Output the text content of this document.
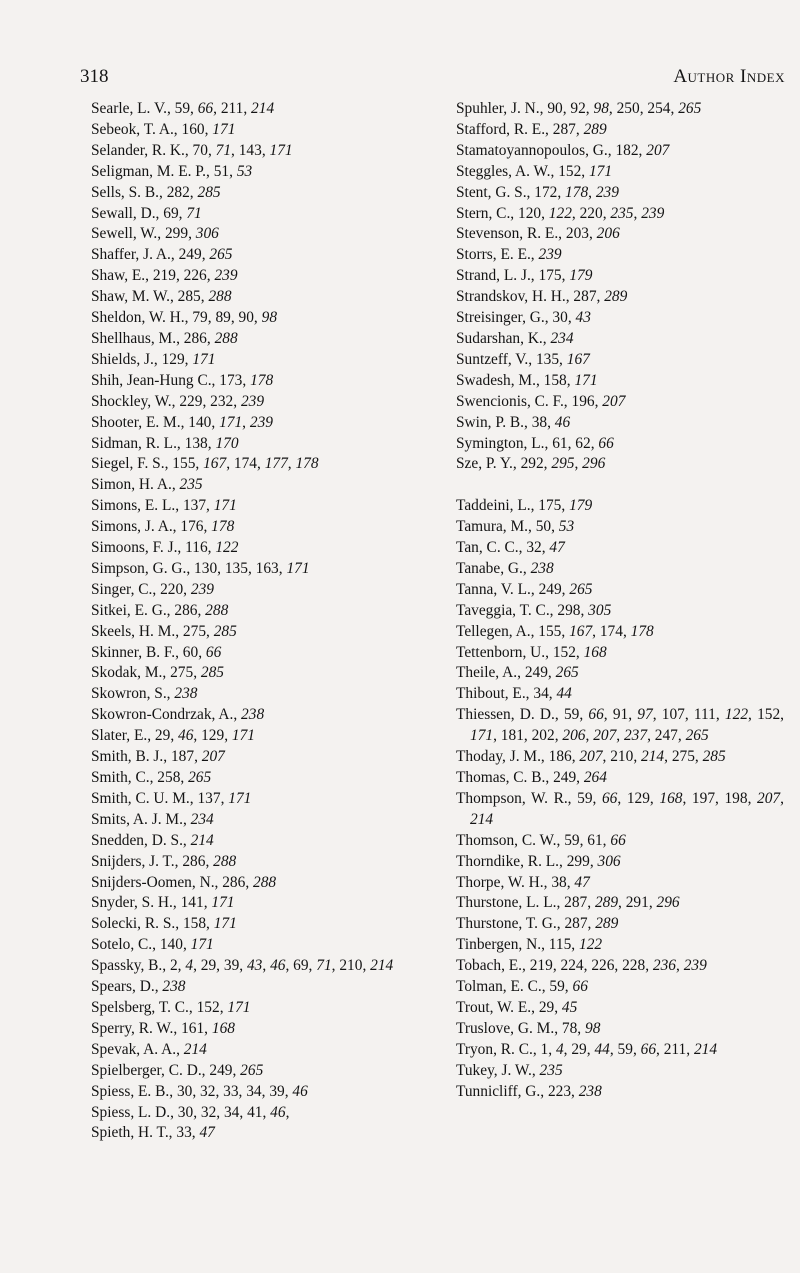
318	Author Index
Searle, L. V., 59, 66, 211, 214
Sebeok, T. A., 160, 171
Selander, R. K., 70, 71, 143, 171
Seligman, M. E. P., 51, 53
Sells, S. B., 282, 285
Sewall, D., 69, 71
Sewell, W., 299, 306
Shaffer, J. A., 249, 265
Shaw, E., 219, 226, 239
Shaw, M. W., 285, 288
Sheldon, W. H., 79, 89, 90, 98
Shellhaus, M., 286, 288
Shields, J., 129, 171
Shih, Jean-Hung C., 173, 178
Shockley, W., 229, 232, 239
Shooter, E. M., 140, 171, 239
Sidman, R. L., 138, 170
Siegel, F. S., 155, 167, 174, 177, 178
Simon, H. A., 235
Simons, E. L., 137, 171
Simons, J. A., 176, 178
Simoons, F. J., 116, 122
Simpson, G. G., 130, 135, 163, 171
Singer, C., 220, 239
Sitkei, E. G., 286, 288
Skeels, H. M., 275, 285
Skinner, B. F., 60, 66
Skodak, M., 275, 285
Skowron, S., 238
Skowron-Condrzak, A., 238
Slater, E., 29, 46, 129, 171
Smith, B. J., 187, 207
Smith, C., 258, 265
Smith, C. U. M., 137, 171
Smits, A. J. M., 234
Snedden, D. S., 214
Snijders, J. T., 286, 288
Snijders-Oomen, N., 286, 288
Snyder, S. H., 141, 171
Solecki, R. S., 158, 171
Sotelo, C., 140, 171
Spassky, B., 2, 4, 29, 39, 43, 46, 69, 71, 210, 214
Spears, D., 238
Spelsberg, T. C., 152, 171
Sperry, R. W., 161, 168
Spevak, A. A., 214
Spielberger, C. D., 249, 265
Spiess, E. B., 30, 32, 33, 34, 39, 46
Spiess, L. D., 30, 32, 34, 41, 46,
Spieth, H. T., 33, 47
Spuhler, J. N., 90, 92, 98, 250, 254, 265
Stafford, R. E., 287, 289
Stamatoyannopoulos, G., 182, 207
Steggles, A. W., 152, 171
Stent, G. S., 172, 178, 239
Stern, C., 120, 122, 220, 235, 239
Stevenson, R. E., 203, 206
Storrs, E. E., 239
Strand, L. J., 175, 179
Strandskov, H. H., 287, 289
Streisinger, G., 30, 43
Sudarshan, K., 234
Suntzeff, V., 135, 167
Swadesh, M., 158, 171
Swencionis, C. F., 196, 207
Swin, P. B., 38, 46
Symington, L., 61, 62, 66
Sze, P. Y., 292, 295, 296
Taddeini, L., 175, 179
Tamura, M., 50, 53
Tan, C. C., 32, 47
Tanabe, G., 238
Tanna, V. L., 249, 265
Taveggia, T. C., 298, 305
Tellegen, A., 155, 167, 174, 178
Tettenborn, U., 152, 168
Theile, A., 249, 265
Thibout, E., 34, 44
Thiessen, D. D., 59, 66, 91, 97, 107, 111, 122, 152, 171, 181, 202, 206, 207, 237, 247, 265
Thoday, J. M., 186, 207, 210, 214, 275, 285
Thomas, C. B., 249, 264
Thompson, W. R., 59, 66, 129, 168, 197, 198, 207, 214
Thomson, C. W., 59, 61, 66
Thorndike, R. L., 299, 306
Thorpe, W. H., 38, 47
Thurstone, L. L., 287, 289, 291, 296
Thurstone, T. G., 287, 289
Tinbergen, N., 115, 122
Tobach, E., 219, 224, 226, 228, 236, 239
Tolman, E. C., 59, 66
Trout, W. E., 29, 45
Truslove, G. M., 78, 98
Tryon, R. C., 1, 4, 29, 44, 59, 66, 211, 214
Tukey, J. W., 235
Tunnicliff, G., 223, 238
